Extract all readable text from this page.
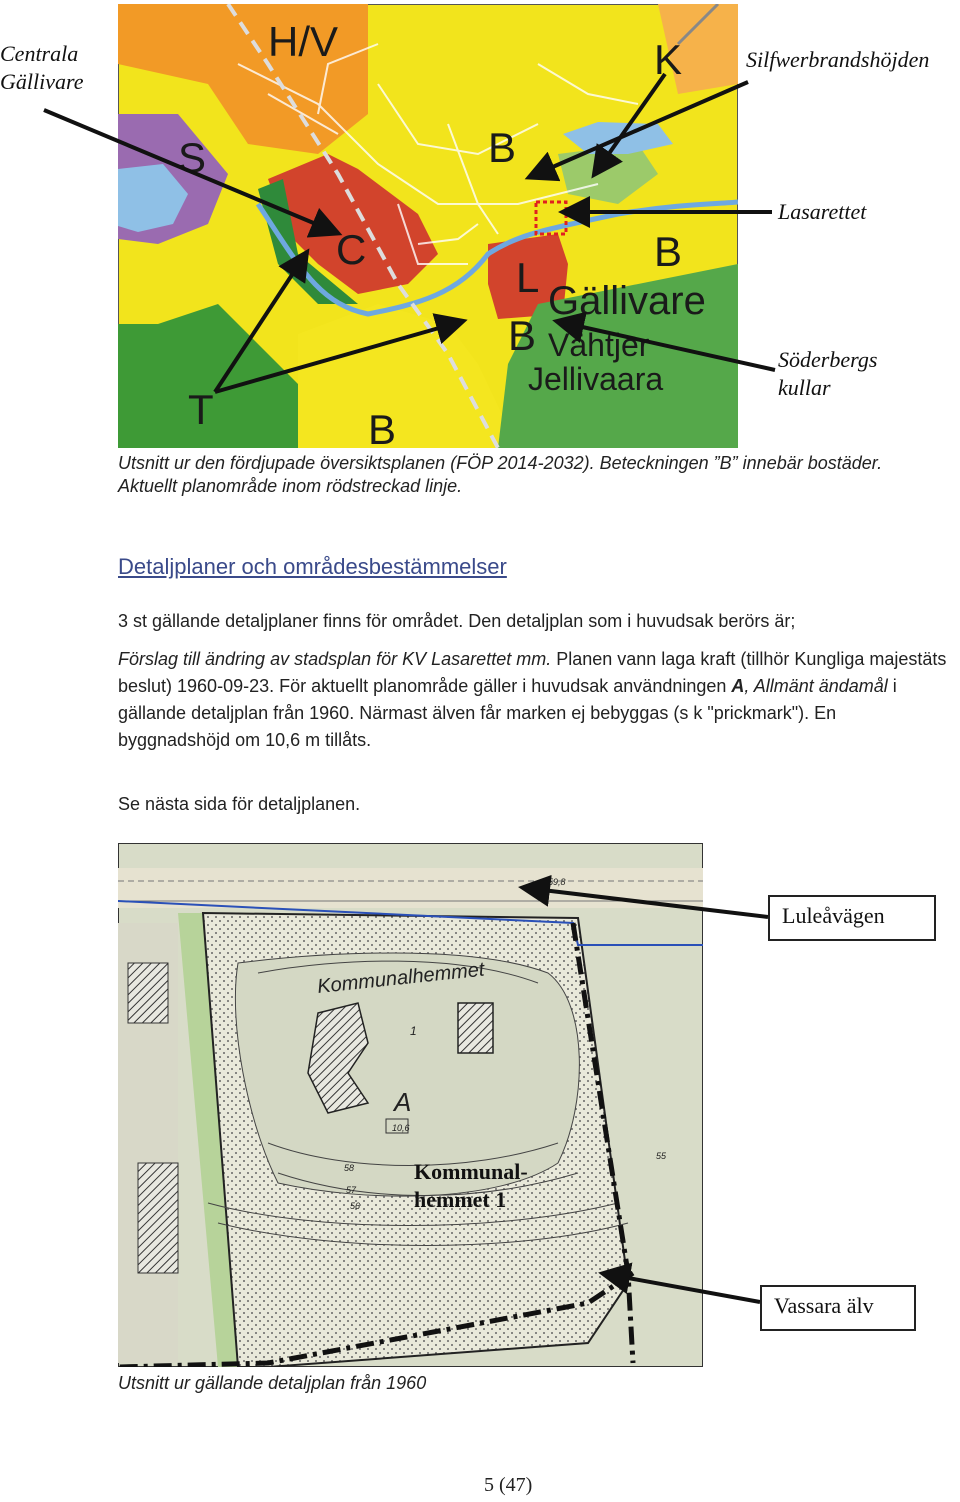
H/V	K
S	B
C	B
L
B
T	B
Gällivare
Vähtjer
Jellivaara
Centrala
Gällivare
Silfwerbrandshöjden
Lasarettet
Söderbergs
kullar
Utsnitt ur den fördjupade översiktsplanen (FÖP 2014-2032). Beteckningen ”B” innebär bostäder.
Aktuellt planområde inom rödstreckad linje.
Detaljplaner och områdesbestämmelser
3 st gällande detaljplaner finns för området. Den detaljplan som i huvudsak berörs är;
Förslag till ändring av stadsplan för KV Lasarettet mm. Planen vann laga kraft (tillhör Kungliga majestäts beslut) 1960-09-23. För aktuellt planområde gäller i huvudsak användningen A, Allmänt ändamål i gällande detaljplan från 1960. Närmast älven får marken ej bebyggas (s k "prickmark"). En byggnadshöjd om 10,6 m tillåts.
Se nästa sida för detaljplanen.
Kommunalhemmet
A
1
10,6
59,8
57
56
55
58
Luleåvägen
Kommunal-
hemmet 1
Vassara älv
Utsnitt ur gällande detaljplan från 1960
5 (47)
